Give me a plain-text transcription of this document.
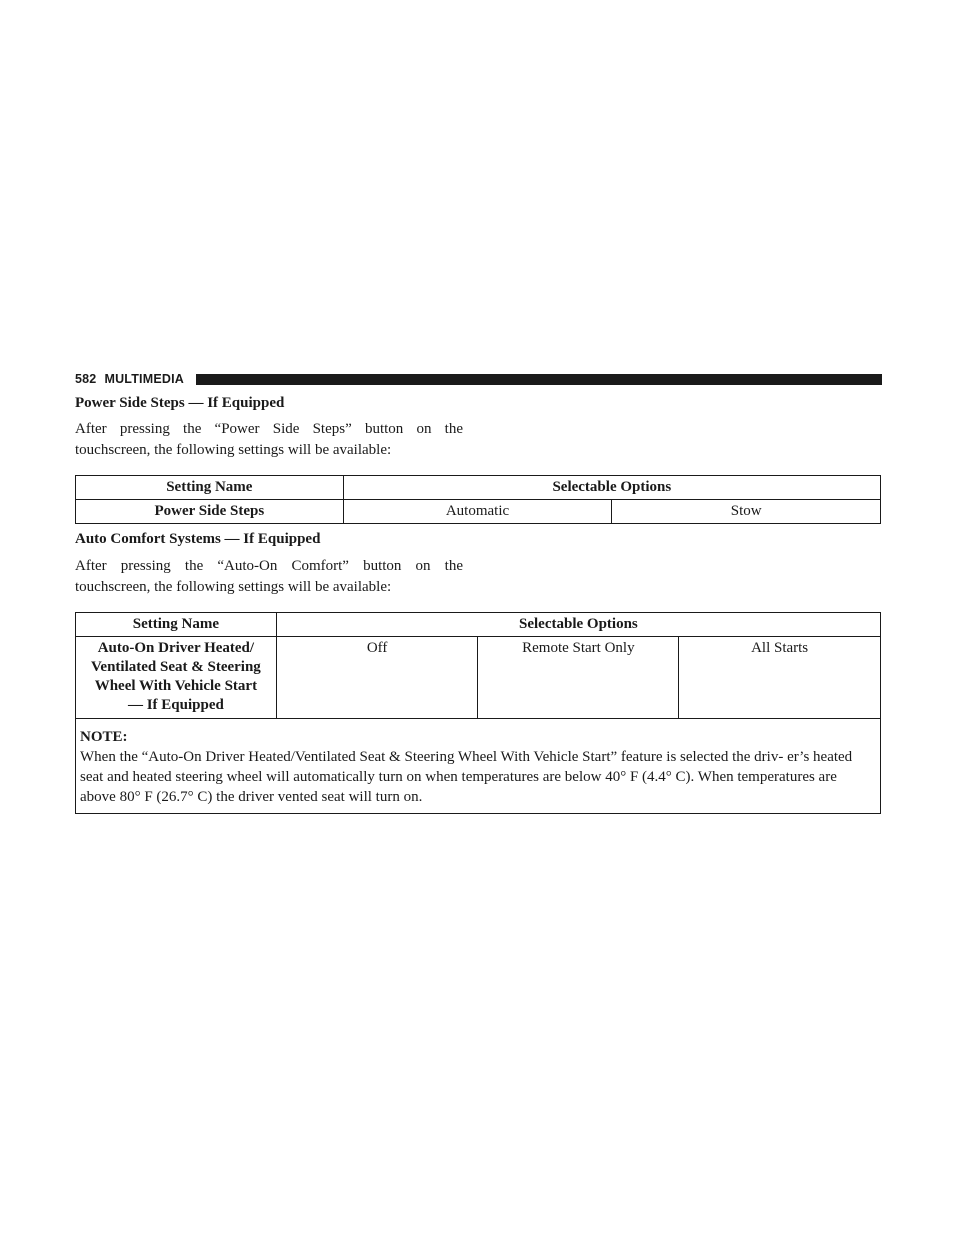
582 MULTIMEDIA
Power Side Steps — If Equipped
After pressing the “Power Side Steps” button on the touchscreen, the following settings will be available:
Setting Name	Selectable Options	
Power Side Steps	Automatic	Stow
Auto Comfort Systems — If Equipped
After pressing the “Auto-On Comfort” button on the touchscreen, the following settings will be available:
Setting Name	Selectable Options		

Auto-On Driver Heated/
Ventilated Seat & Steering
Wheel With Vehicle Start
— If Equipped	Off	Remote Start Only	All Starts

NOTE:
When the “Auto-On Driver Heated/Ventilated Seat & Steering Wheel With Vehicle Start” feature is selected the driv- er’s heated seat and heated steering wheel will automatically turn on when temperatures are below 40° F (4.4° C). When temperatures are above 80° F (26.7° C) the driver vented seat will turn on.			
